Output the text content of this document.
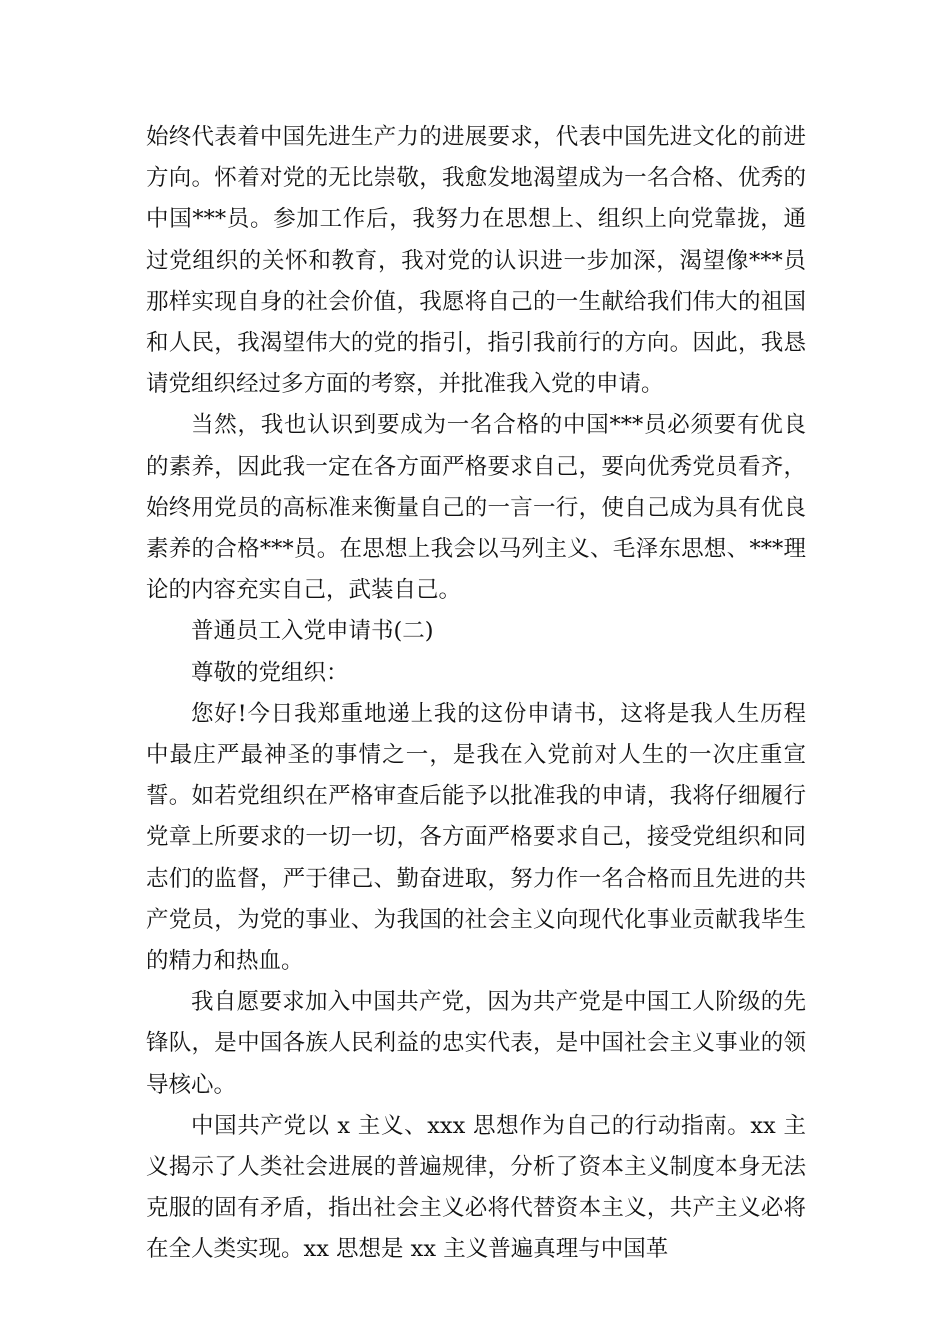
始终代表着中国先进生产力的进展要求，代表中国先进文化的前进方向。怀着对党的无比崇敬，我愈发地渴望成为一名合格、优秀的中国***员。参加工作后，我努力在思想上、组织上向党靠拢，通过党组织的关怀和教育，我对党的认识进一步加深，渴望像***员那样实现自身的社会价值，我愿将自己的一生献给我们伟大的祖国和人民，我渴望伟大的党的指引，指引我前行的方向。因此，我恳请党组织经过多方面的考察，并批准我入党的申请。

当然，我也认识到要成为一名合格的中国***员必须要有优良的素养，因此我一定在各方面严格要求自己，要向优秀党员看齐，始终用党员的高标准来衡量自己的一言一行，使自己成为具有优良素养的合格***员。在思想上我会以马列主义、毛泽东思想、***理论的内容充实自己，武装自己。

普通员工入党申请书(二)

尊敬的党组织：

您好!今日我郑重地递上我的这份申请书，这将是我人生历程中最庄严最神圣的事情之一，是我在入党前对人生的一次庄重宣誓。如若党组织在严格审查后能予以批准我的申请，我将仔细履行党章上所要求的一切一切，各方面严格要求自己，接受党组织和同志们的监督，严于律己、勤奋进取，努力作一名合格而且先进的共产党员，为党的事业、为我国的社会主义向现代化事业贡献我毕生的精力和热血。

我自愿要求加入中国共产党，因为共产党是中国工人阶级的先锋队，是中国各族人民利益的忠实代表，是中国社会主义事业的领导核心。

中国共产党以 x 主义、xxx 思想作为自己的行动指南。xx 主义揭示了人类社会进展的普遍规律，分析了资本主义制度本身无法克服的固有矛盾，指出社会主义必将代替资本主义，共产主义必将在全人类实现。xx 思想是 xx 主义普遍真理与中国革
